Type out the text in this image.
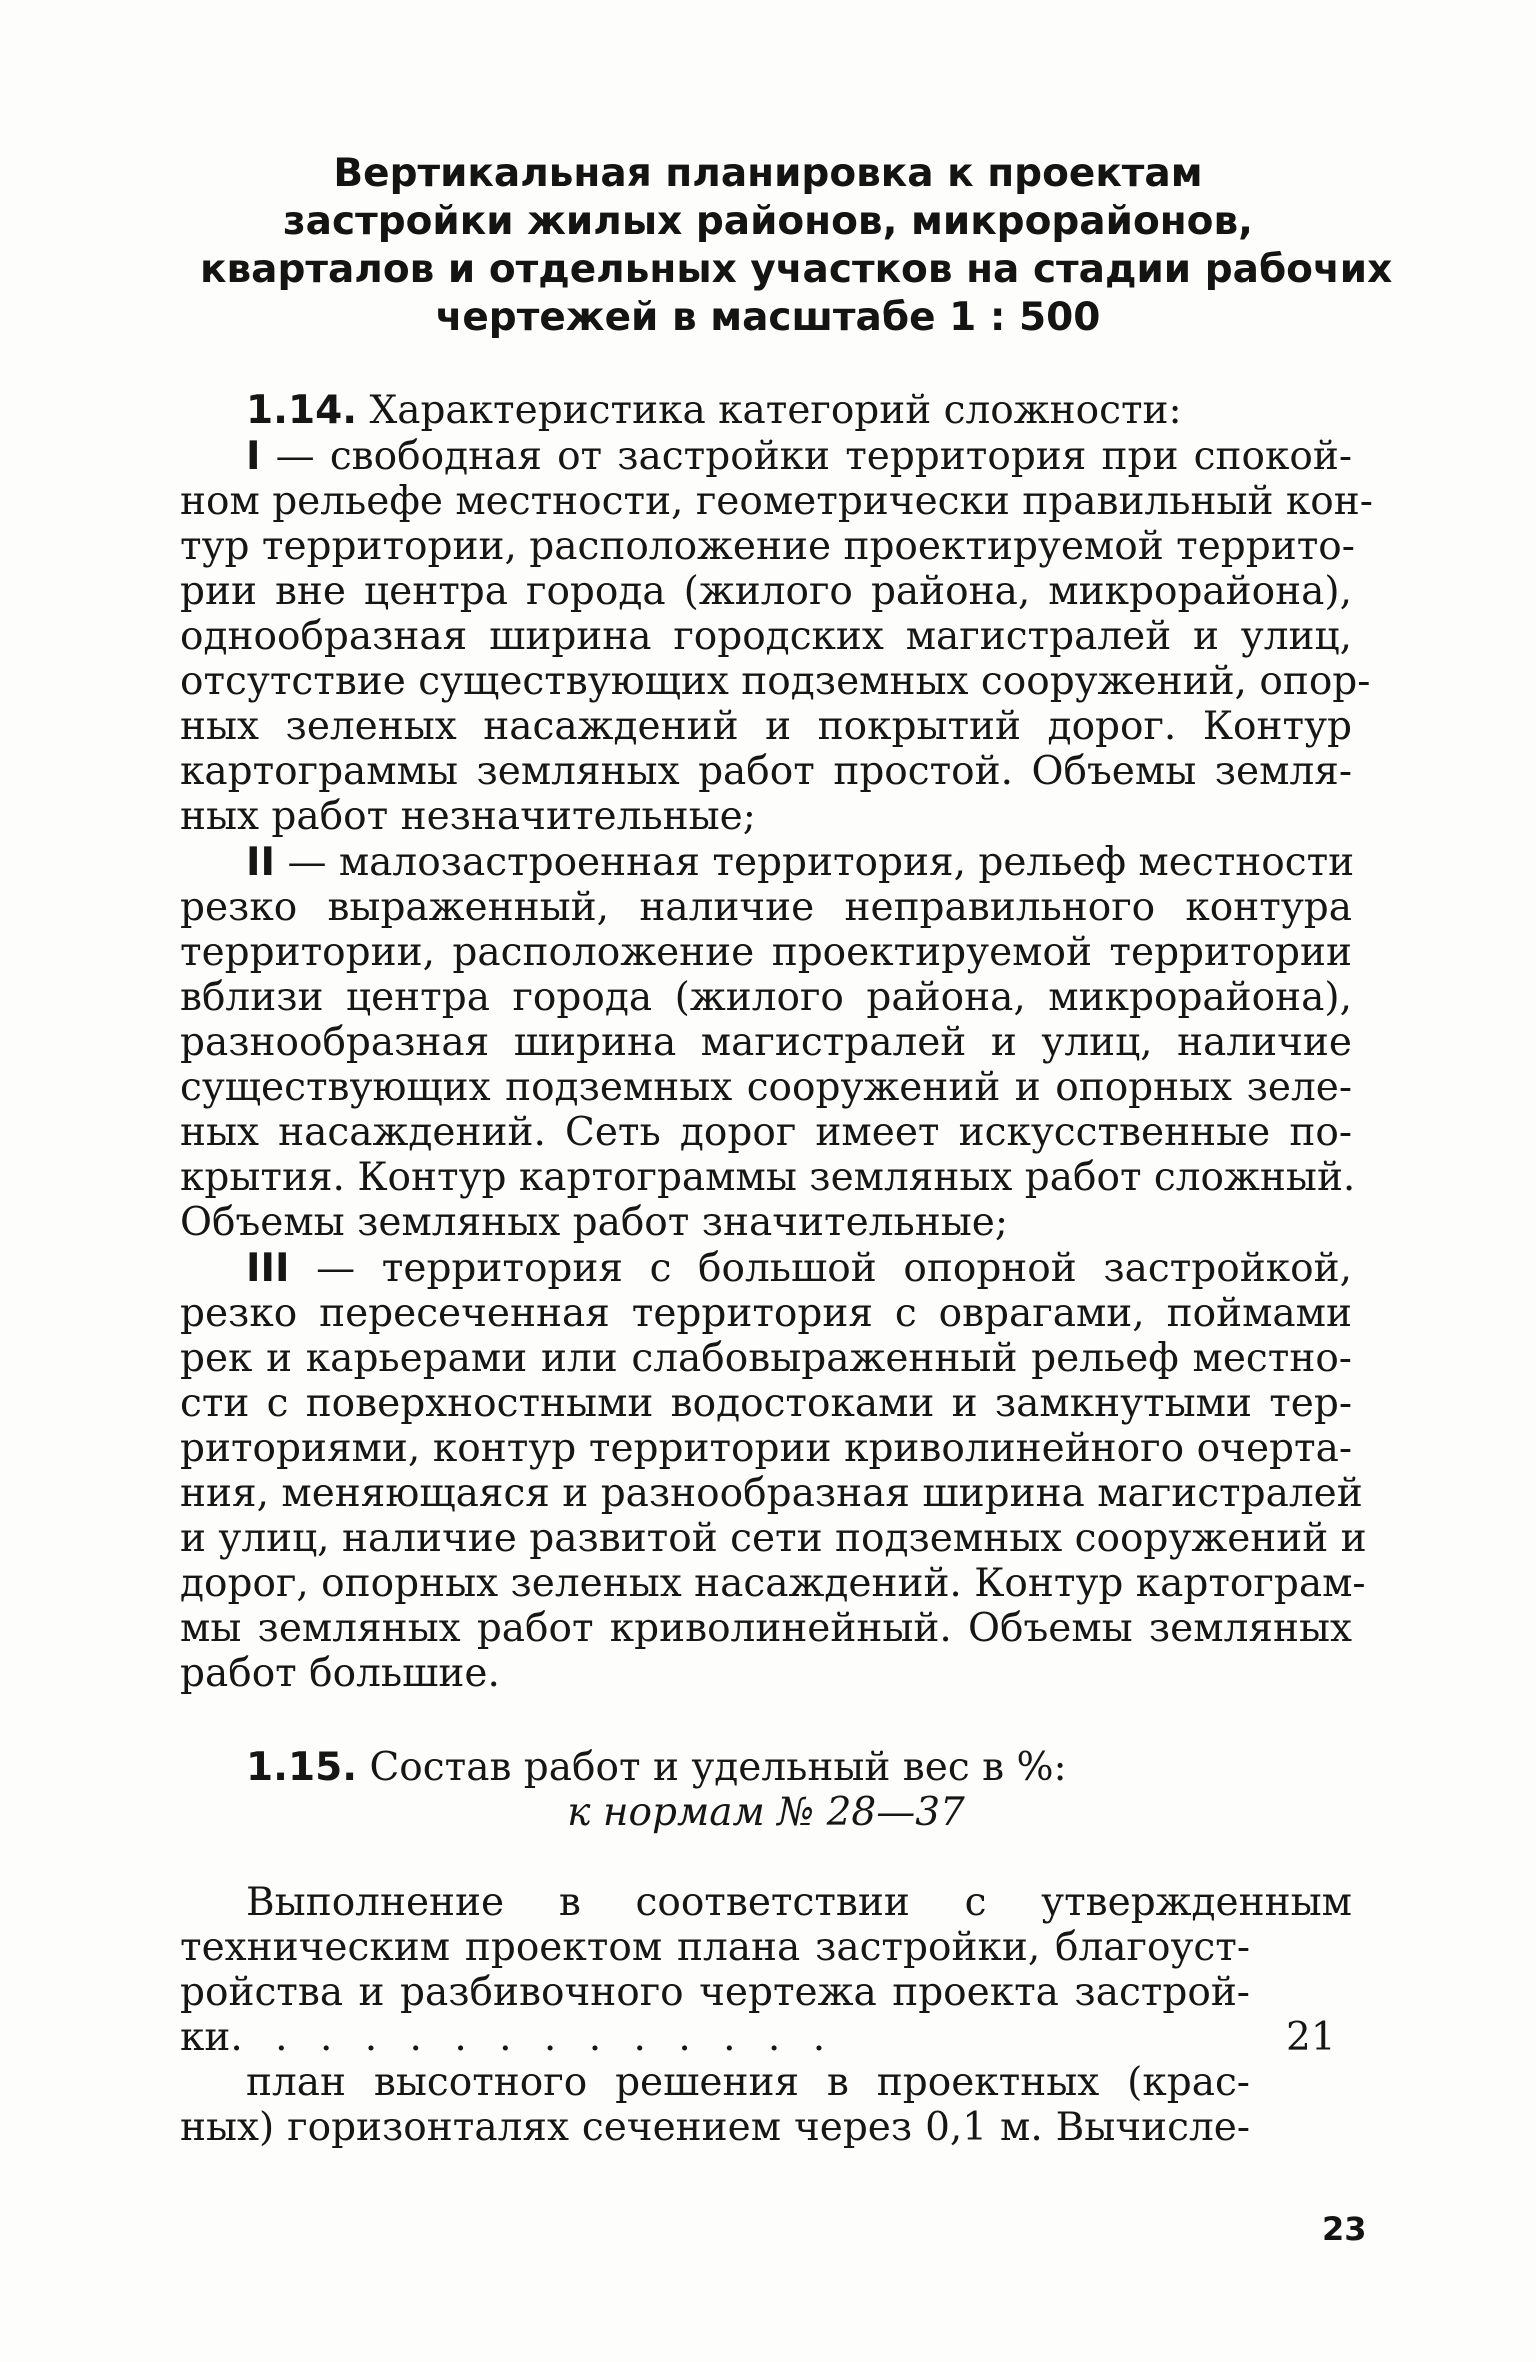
Вертикальная планировка к проектам
застройки жилых районов, микрорайонов,
кварталов и отдельных участков на стадии рабочих
чертежей в масштабе 1 : 500
1.14. Характеристика категорий сложности:
I — свободная от застройки территория при спокой-
ном рельефе местности, геометрически правильный кон-
тур территории, расположение проектируемой террито-
рии вне центра города (жилого района, микрорайона),
однообразная ширина городских магистралей и улиц,
отсутствие существующих подземных сооружений, опор-
ных зеленых насаждений и покрытий дорог. Контур
картограммы земляных работ простой. Объемы земля-
ных работ незначительные;
II — малозастроенная территория, рельеф местности
резко выраженный, наличие неправильного контура
территории, расположение проектируемой территории
вблизи центра города (жилого района, микрорайона),
разнообразная ширина магистралей и улиц, наличие
существующих подземных сооружений и опорных зеле-
ных насаждений. Сеть дорог имеет искусственные по-
крытия. Контур картограммы земляных работ сложный.
Объемы земляных работ значительные;
III — территория с большой опорной застройкой,
резко пересеченная территория с оврагами, поймами
рек и карьерами или слабовыраженный рельеф местно-
сти с поверхностными водостоками и замкнутыми тер-
риториями, контур территории криволинейного очерта-
ния, меняющаяся и разнообразная ширина магистралей
и улиц, наличие развитой сети подземных сооружений и
дорог, опорных зеленых насаждений. Контур картограм-
мы земляных работ криволинейный. Объемы земляных
работ большие.
1.15. Состав работ и удельный вес в %:
к нормам № 28—37
Выполнение в соответствии с утвержденным
техническим проектом плана застройки, благоуст-
ройства и разбивочного чертежа проекта застрой-
ки. . . . . . . . . . . . . .	21
план высотного решения в проектных (крас-
ных) горизонталях сечением через 0,1 м. Вычисле-
23
